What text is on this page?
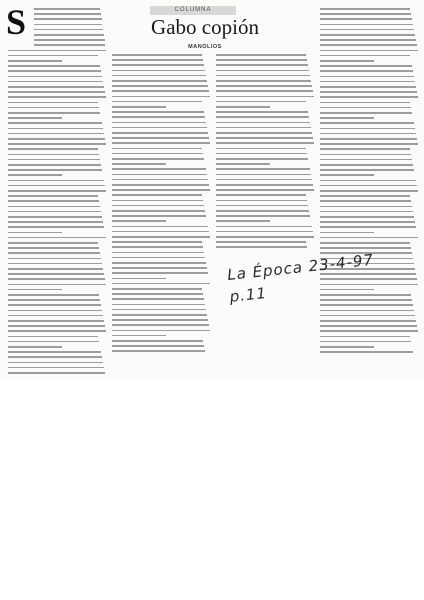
COLUMNA
Gabo copión
MANOLIOS
S
La Época 23-4-97 p.11
